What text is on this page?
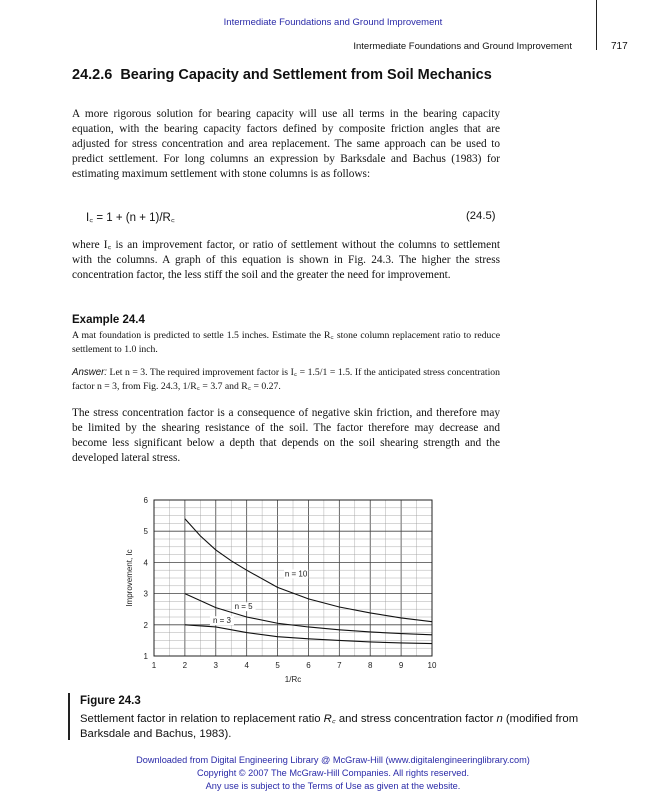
Intermediate Foundations and Ground Improvement
Intermediate Foundations and Ground Improvement	717
24.2.6 Bearing Capacity and Settlement from Soil Mechanics
A more rigorous solution for bearing capacity will use all terms in the bearing capacity equation, with the bearing capacity factors defined by composite friction angles that are adjusted for stress concentration and area replacement. The same approach can be used to predict settlement. For long columns an expression by Barksdale and Bachus (1983) for estimating maximum settlement with stone columns is as follows:
I꜀ = 1 + (n + 1)/R꜀	(24.5)
where I꜀ is an improvement factor, or ratio of settlement without the columns to settlement with the columns. A graph of this equation is shown in Fig. 24.3. The higher the stress concentration factor, the less stiff the soil and the greater the need for improvement.
Example 24.4
A mat foundation is predicted to settle 1.5 inches. Estimate the R꜀ stone column replacement ratio to reduce settlement to 1.0 inch.
Answer: Let n = 3. The required improvement factor is I꜀ = 1.5/1 = 1.5. If the anticipated stress concentration factor n = 3, from Fig. 24.3, 1/R꜀ = 3.7 and R꜀ = 0.27.
The stress concentration factor is a consequence of negative skin friction, and therefore may be limited by the shearing resistance of the soil. The factor therefore may decrease and become less significant below a depth that depends on the soil shearing strength and the developed lateral stress.
1	2	3	4	5	6	7	8	9	10
1
2
3
4
5
6
1/Rc
Improvement, Ic	n = 10
n = 5
n = 3
Figure 24.3
Settlement factor in relation to replacement ratio R꜀ and stress concentration factor n (modified from Barksdale and Bachus, 1983).
Downloaded from Digital Engineering Library @ McGraw-Hill (www.digitalengineeringlibrary.com)
Copyright © 2007 The McGraw-Hill Companies. All rights reserved.
Any use is subject to the Terms of Use as given at the website.
